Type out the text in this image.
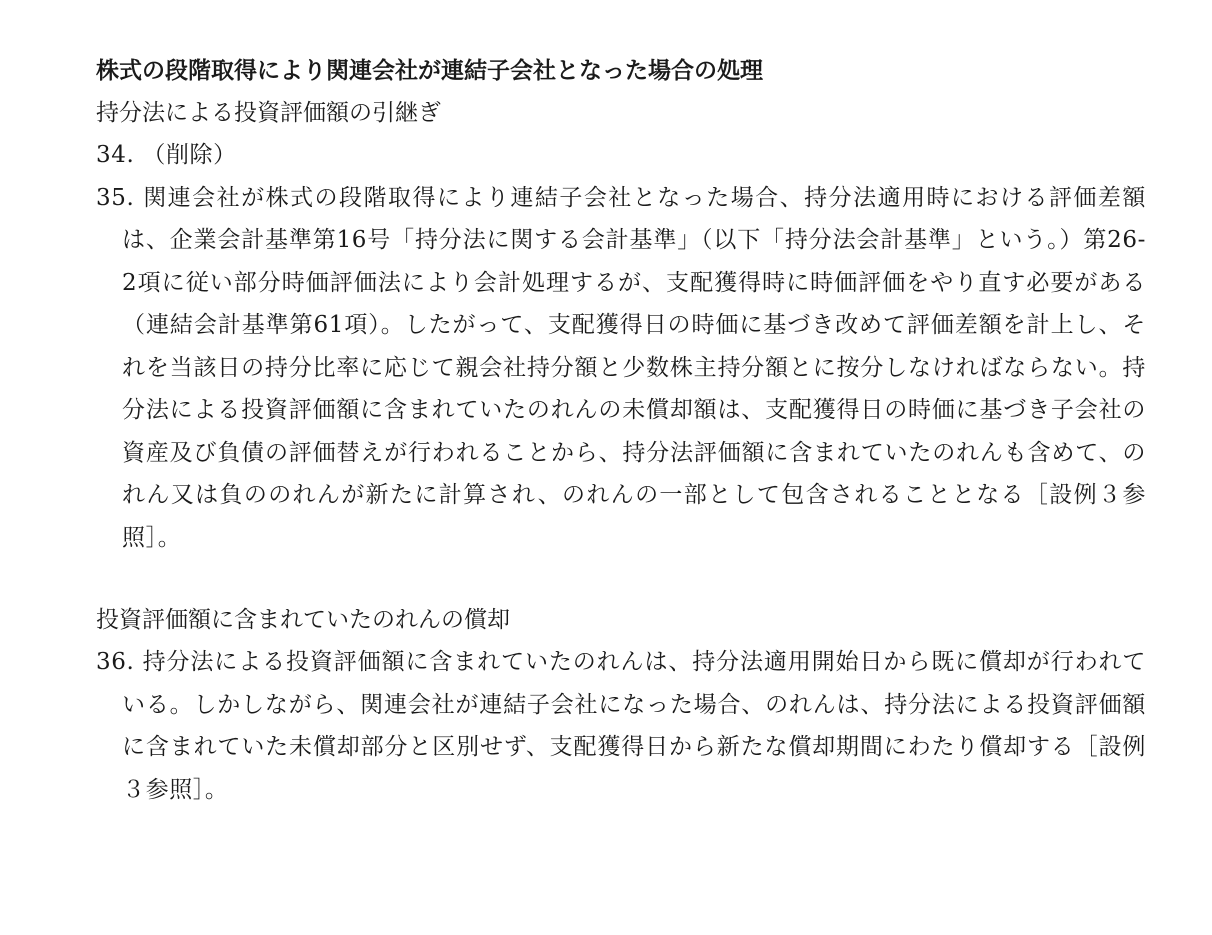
株式の段階取得により関連会社が連結子会社となった場合の処理
持分法による投資評価額の引継ぎ
34. （削除）
35. 関連会社が株式の段階取得により連結子会社となった場合、持分法適用時における評価差額は、企業会計基準第16号「持分法に関する会計基準」（以下「持分法会計基準」という。）第26-2項に従い部分時価評価法により会計処理するが、支配獲得時に時価評価をやり直す必要がある（連結会計基準第61項）。したがって、支配獲得日の時価に基づき改めて評価差額を計上し、それを当該日の持分比率に応じて親会社持分額と少数株主持分額とに按分しなければならない。持分法による投資評価額に含まれていたのれんの未償却額は、支配獲得日の時価に基づき子会社の資産及び負債の評価替えが行われることから、持分法評価額に含まれていたのれんも含めて、のれん又は負ののれんが新たに計算され、のれんの一部として包含されることとなる［設例３参照］。
投資評価額に含まれていたのれんの償却
36. 持分法による投資評価額に含まれていたのれんは、持分法適用開始日から既に償却が行われている。しかしながら、関連会社が連結子会社になった場合、のれんは、持分法による投資評価額に含まれていた未償却部分と区別せず、支配獲得日から新たな償却期間にわたり償却する［設例３参照］。
